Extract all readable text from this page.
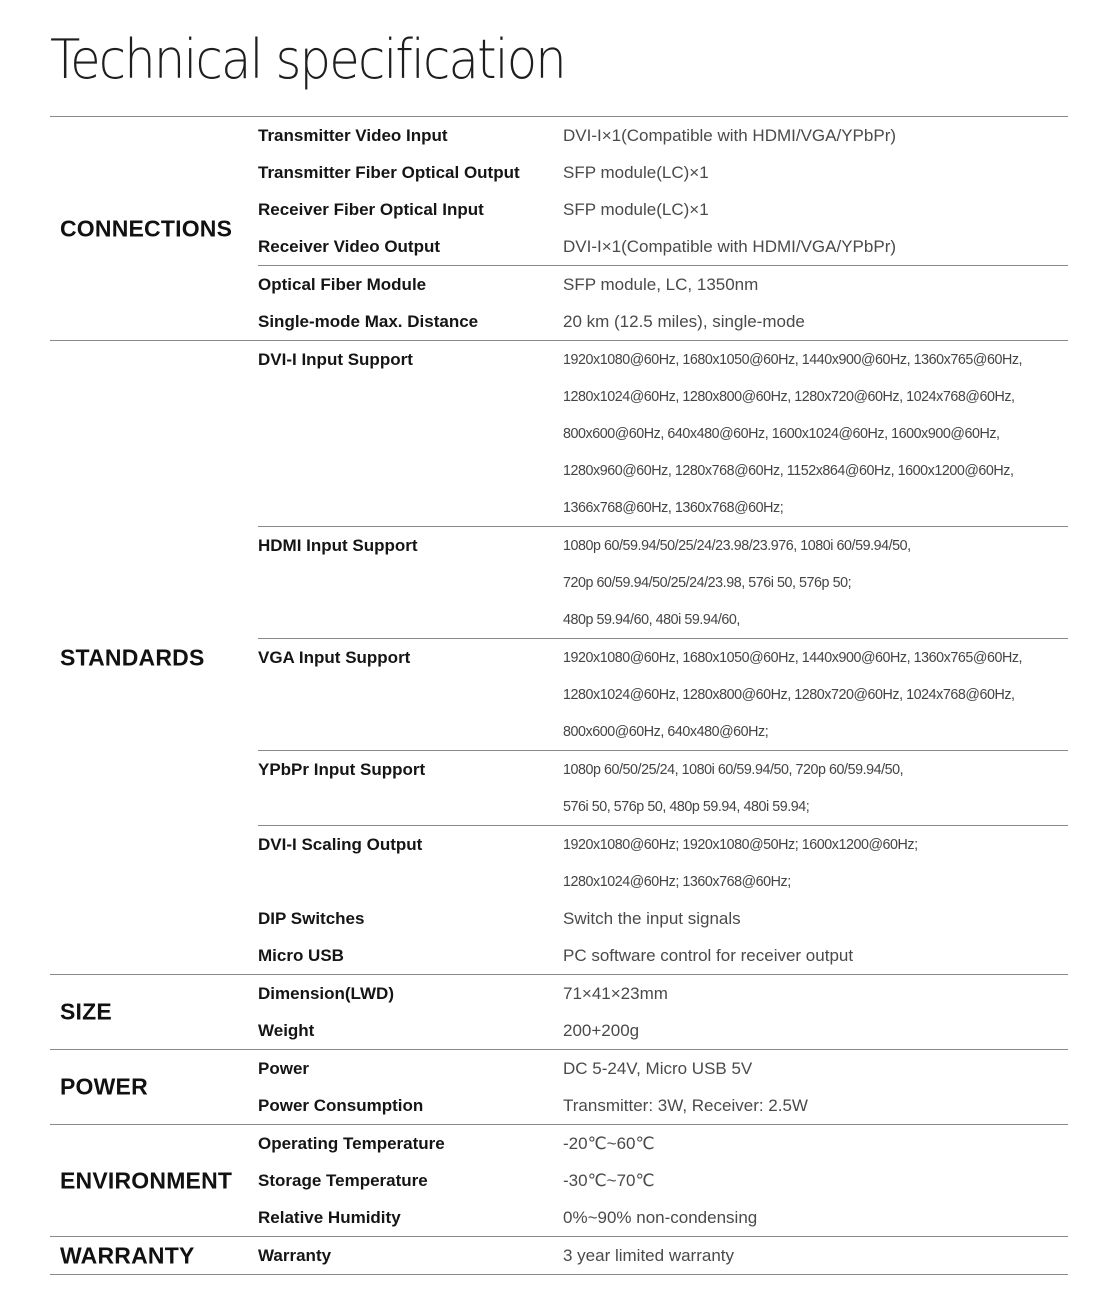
Technical specification
CONNECTIONS
Transmitter Video Input	DVI-I×1(Compatible with HDMI/VGA/YPbPr)
Transmitter Fiber Optical Output	SFP module(LC)×1
Receiver Fiber Optical Input	SFP module(LC)×1
Receiver Video Output	DVI-I×1(Compatible with HDMI/VGA/YPbPr)
Optical Fiber Module	SFP module, LC, 1350nm
Single-mode Max. Distance	20 km (12.5 miles), single-mode
STANDARDS
DVI-I Input Support	1920x1080@60Hz, 1680x1050@60Hz, 1440x900@60Hz, 1360x765@60Hz,
1280x1024@60Hz, 1280x800@60Hz, 1280x720@60Hz, 1024x768@60Hz,
800x600@60Hz, 640x480@60Hz, 1600x1024@60Hz, 1600x900@60Hz,
1280x960@60Hz, 1280x768@60Hz, 1152x864@60Hz, 1600x1200@60Hz,
1366x768@60Hz, 1360x768@60Hz;
HDMI Input Support	1080p 60/59.94/50/25/24/23.98/23.976, 1080i 60/59.94/50,
720p 60/59.94/50/25/24/23.98, 576i 50, 576p 50;
480p 59.94/60, 480i 59.94/60,
VGA Input Support	1920x1080@60Hz, 1680x1050@60Hz, 1440x900@60Hz, 1360x765@60Hz,
1280x1024@60Hz, 1280x800@60Hz, 1280x720@60Hz, 1024x768@60Hz,
800x600@60Hz, 640x480@60Hz;
YPbPr Input Support	1080p 60/50/25/24, 1080i 60/59.94/50, 720p 60/59.94/50,
576i 50, 576p 50, 480p 59.94, 480i 59.94;
DVI-I Scaling Output	1920x1080@60Hz; 1920x1080@50Hz; 1600x1200@60Hz;
1280x1024@60Hz; 1360x768@60Hz;
DIP Switches	Switch the input signals
Micro USB	PC software control for receiver output
SIZE
Dimension(LWD)	71×41×23mm
Weight	200+200g
POWER
Power	DC 5-24V, Micro USB 5V
Power Consumption	Transmitter: 3W, Receiver: 2.5W
ENVIRONMENT
Operating Temperature	-20℃~60℃
Storage Temperature	-30℃~70℃
Relative Humidity	0%~90% non-condensing
WARRANTY	Warranty	3 year limited warranty
